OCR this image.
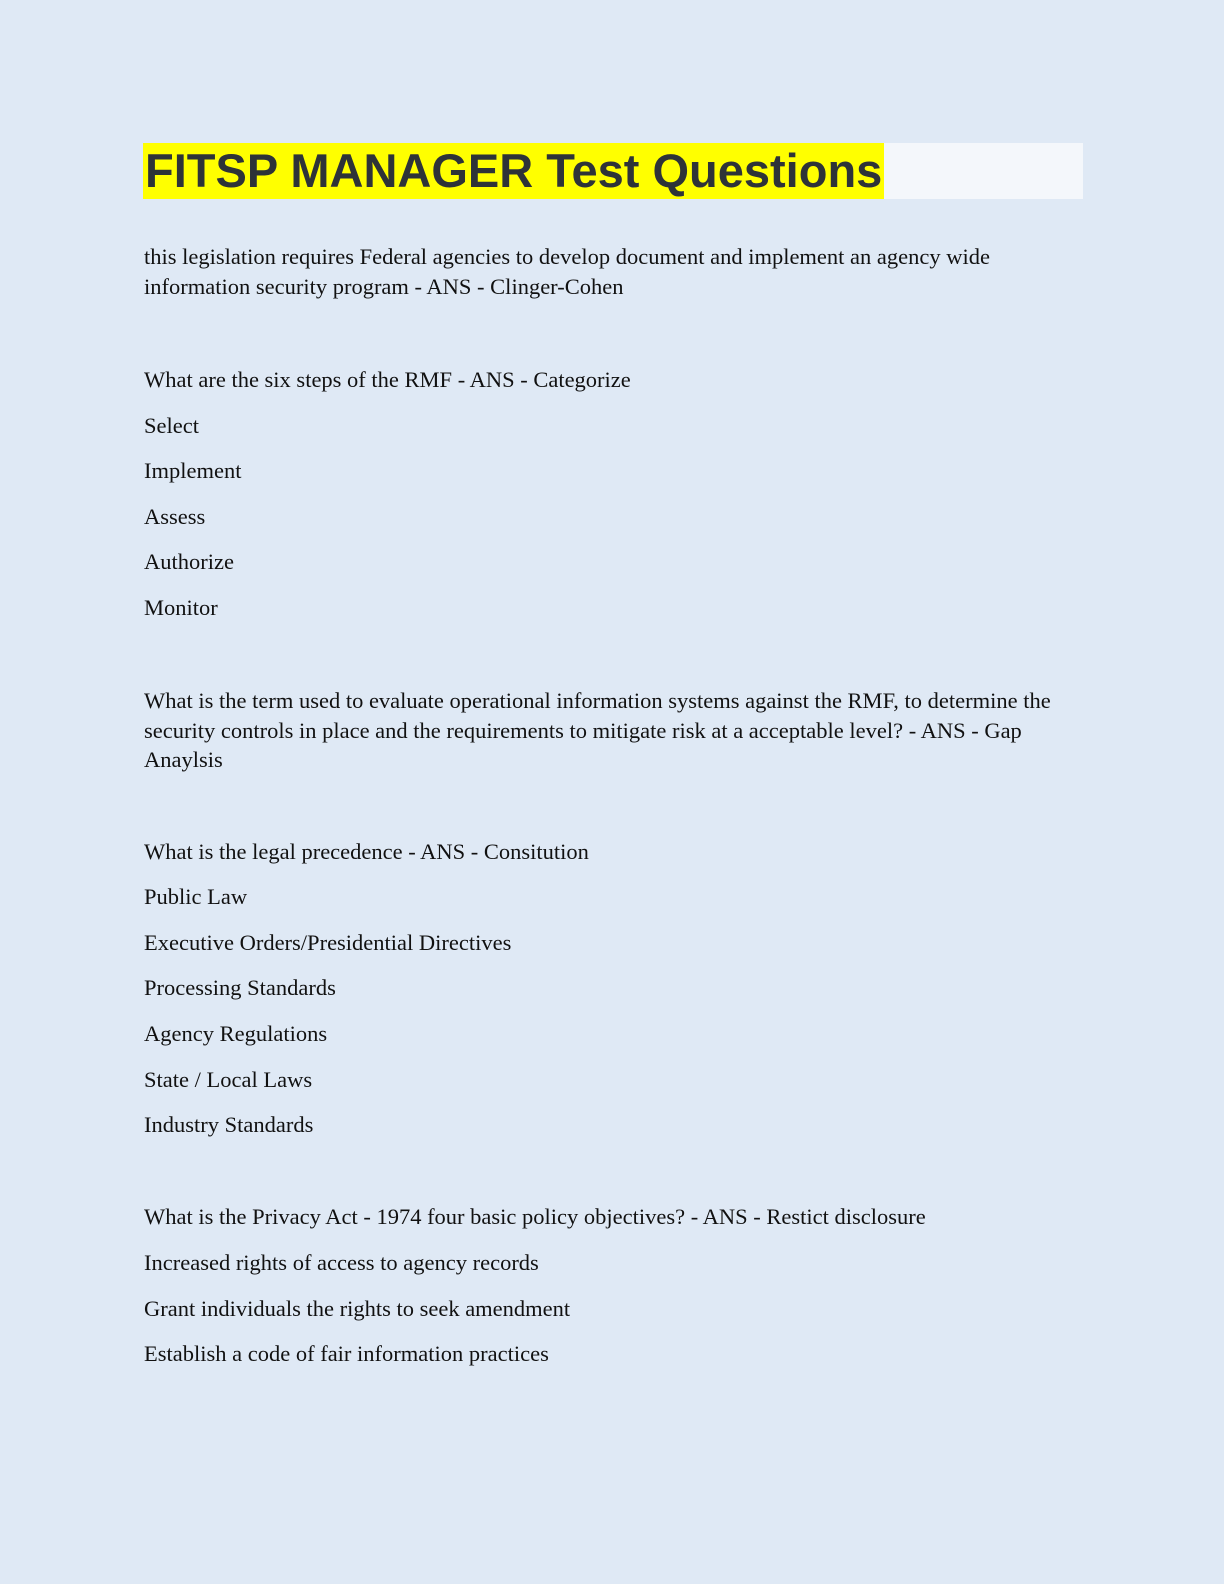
FITSP MANAGER Test Questions

this legislation requires Federal agencies to develop document and implement an agency wide information security program - ANS - Clinger-Cohen

What are the six steps of the RMF - ANS - Categorize

Select

Implement

Assess

Authorize

Monitor

What is the term used to evaluate operational information systems against the RMF, to determine the security controls in place and the requirements to mitigate risk at a acceptable level? - ANS - Gap Anaylsis

What is the legal precedence - ANS - Consitution

Public Law

Executive Orders/Presidential Directives

Processing Standards

Agency Regulations

State / Local Laws

Industry Standards

What is the Privacy Act - 1974 four basic policy objectives? - ANS - Restict disclosure

Increased rights of access to agency records

Grant individuals the rights to seek amendment

Establish a code of fair information practices
